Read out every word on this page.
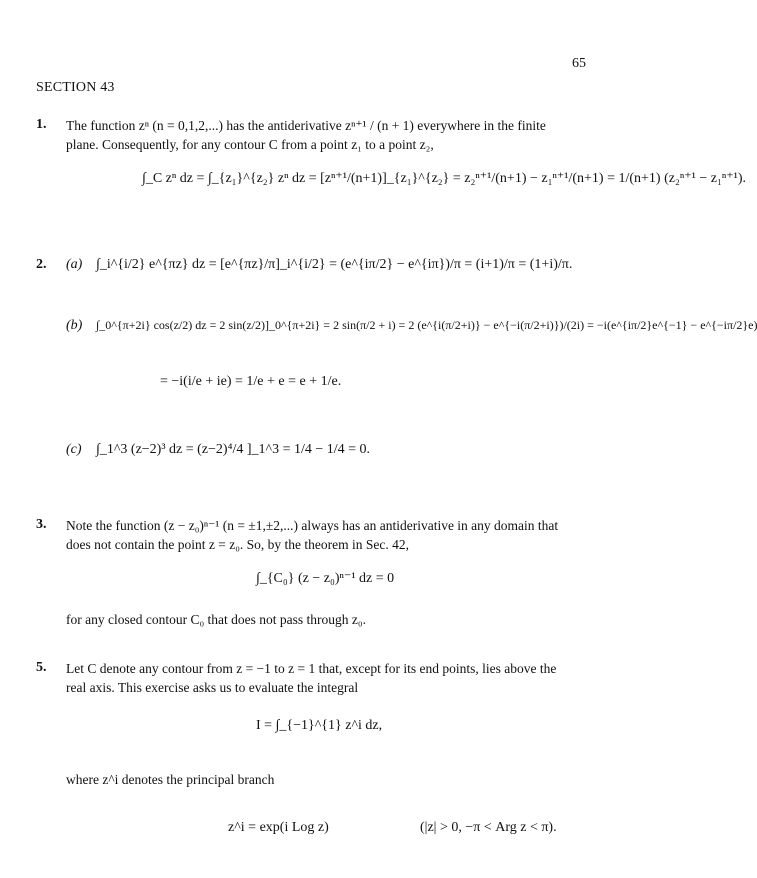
65
SECTION 43
1. The function zⁿ (n = 0,1,2,...) has the antiderivative zⁿ⁺¹ / (n + 1) everywhere in the finite
plane. Consequently, for any contour C from a point z₁ to a point z₂,
∫_C zⁿ dz = ∫_{z₁}^{z₂} zⁿ dz = [zⁿ⁺¹/(n+1)]_{z₁}^{z₂} = z₂ⁿ⁺¹/(n+1) − z₁ⁿ⁺¹/(n+1) = 1/(n+1) (z₂ⁿ⁺¹ − z₁ⁿ⁺¹).
2. (a) ∫_i^{i/2} e^{πz} dz = [e^{πz}/π]_i^{i/2} = (e^{iπ/2} − e^{iπ})/π = (i+1)/π = (1+i)/π.
(b) ∫_0^{π+2i} cos(z/2) dz = 2 sin(z/2)]_0^{π+2i} = 2 sin(π/2 + i) = 2 (e^{i(π/2+i)} − e^{−i(π/2+i)})/(2i) = −i(e^{iπ/2}e^{−1} − e^{−iπ/2}e)
= −i(i/e + ie) = 1/e + e = e + 1/e.
(c) ∫_1^3 (z−2)³ dz = (z−2)⁴/4 ]_1^3 = 1/4 − 1/4 = 0.
3. Note the function (z − z₀)ⁿ⁻¹ (n = ±1,±2,...) always has an antiderivative in any domain that
does not contain the point z = z₀. So, by the theorem in Sec. 42,
∫_{C₀} (z − z₀)ⁿ⁻¹ dz = 0
for any closed contour C₀ that does not pass through z₀.
5. Let C denote any contour from z = −1 to z = 1 that, except for its end points, lies above the
real axis. This exercise asks us to evaluate the integral
I = ∫_{−1}^{1} z^i dz,
where z^i denotes the principal branch
z^i = exp(i Log z)	(|z| > 0, −π < Arg z < π).
